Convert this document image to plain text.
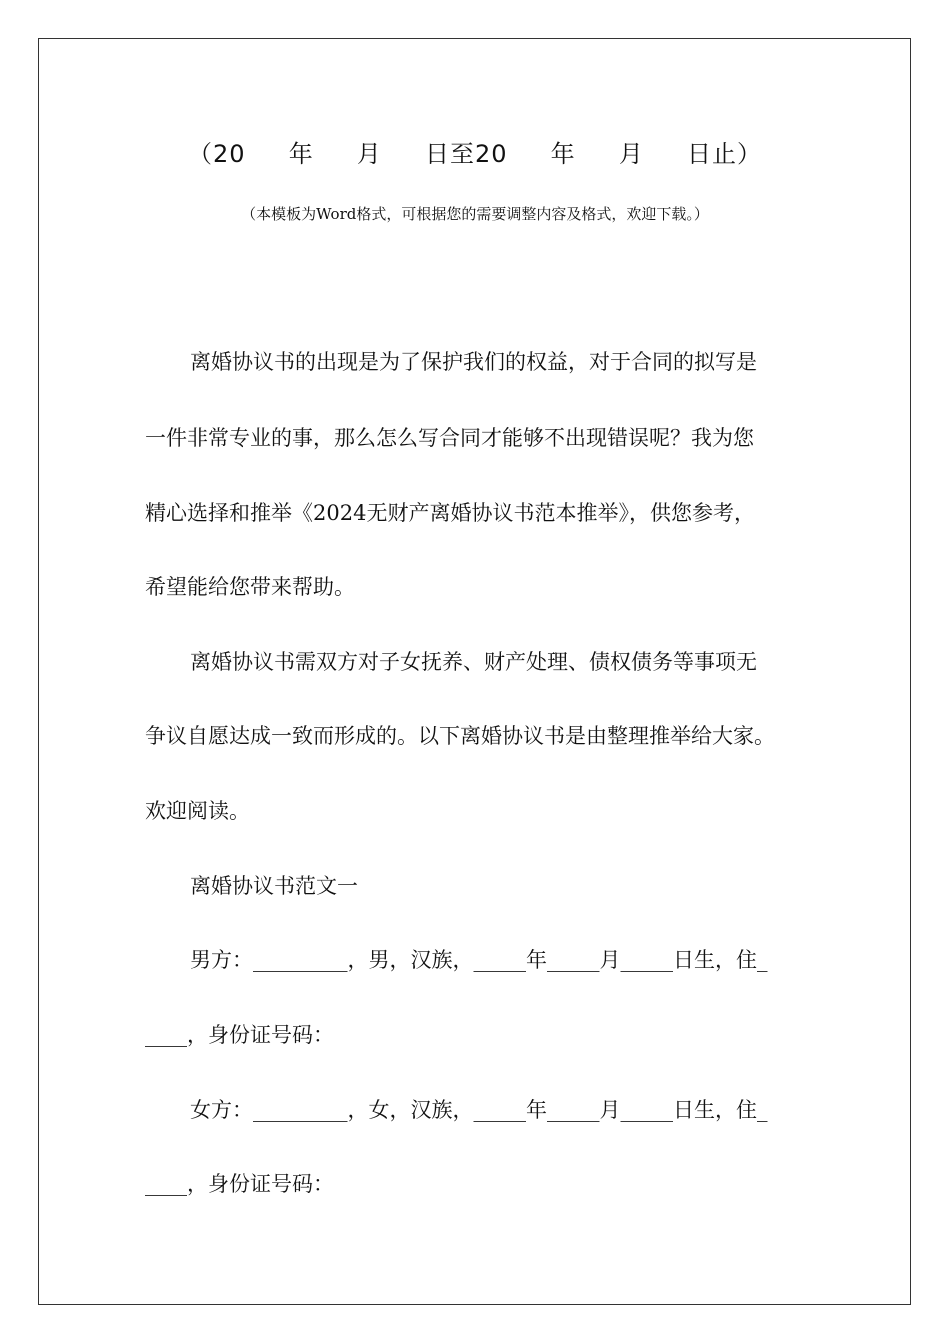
（20     年     月     日至20     年     月     日止）
（本模板为Word格式，可根据您的需要调整内容及格式，欢迎下载。）
离婚协议书的出现是为了保护我们的权益，对于合同的拟写是
一件非常专业的事，那么怎么写合同才能够不出现错误呢？我为您
精心选择和推举《2024无财产离婚协议书范本推举》，供您参考，
希望能给您带来帮助。
离婚协议书需双方对子女抚养、财产处理、债权债务等事项无
争议自愿达成一致而形成的。以下离婚协议书是由整理推举给大家。
欢迎阅读。
离婚协议书范文一
男方：_________，男，汉族，_____年_____月_____日生，住_
____，身份证号码：
女方：_________，女，汉族，_____年_____月_____日生，住_
____，身份证号码：
